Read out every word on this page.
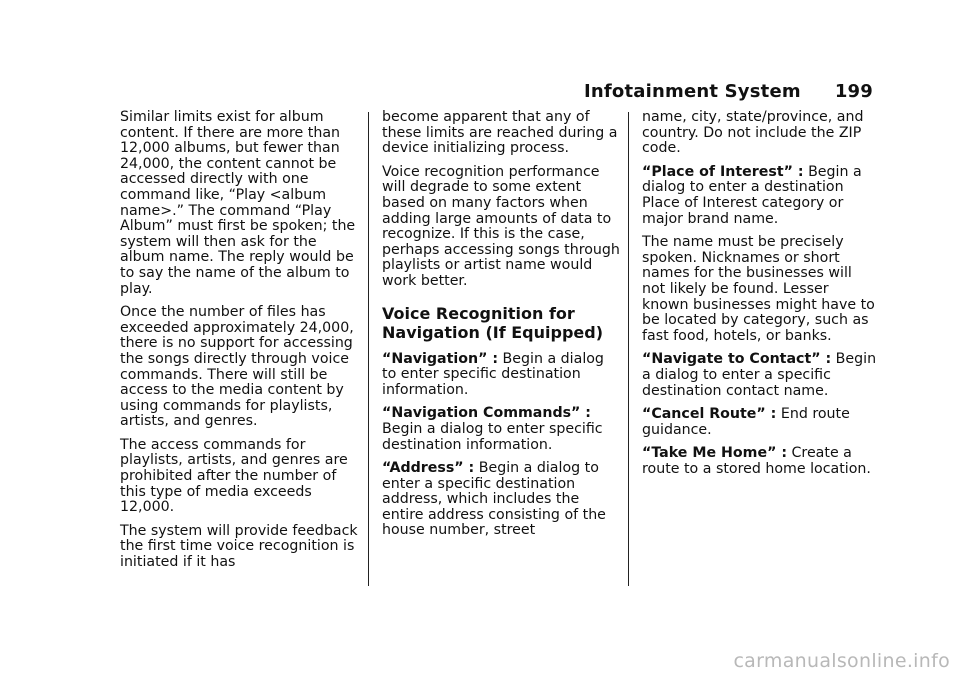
Infotainment System 199

Similar limits exist for album content. If there are more than 12,000 albums, but fewer than 24,000, the content cannot be accessed directly with one command like, “Play <album name>.” The command “Play Album” must first be spoken; the system will then ask for the album name. The reply would be to say the name of the album to play.

Once the number of files has exceeded approximately 24,000, there is no support for accessing the songs directly through voice commands. There will still be access to the media content by using commands for playlists, artists, and genres.

The access commands for playlists, artists, and genres are prohibited after the number of this type of media exceeds 12,000.

The system will provide feedback the first time voice recognition is initiated if it has

become apparent that any of these limits are reached during a device initializing process.

Voice recognition performance will degrade to some extent based on many factors when adding large amounts of data to recognize. If this is the case, perhaps accessing songs through playlists or artist name would work better.

Voice Recognition for Navigation (If Equipped)

“Navigation” : Begin a dialog to enter specific destination information.

“Navigation Commands” : Begin a dialog to enter specific destination information.

“Address” : Begin a dialog to enter a specific destination address, which includes the entire address consisting of the house number, street

name, city, state/province, and country. Do not include the ZIP code.

“Place of Interest” : Begin a dialog to enter a destination Place of Interest category or major brand name.

The name must be precisely spoken. Nicknames or short names for the businesses will not likely be found. Lesser known businesses might have to be located by category, such as fast food, hotels, or banks.

“Navigate to Contact” : Begin a dialog to enter a specific destination contact name.

“Cancel Route” : End route guidance.

“Take Me Home” : Create a route to a stored home location.

carmanualsonline.info
